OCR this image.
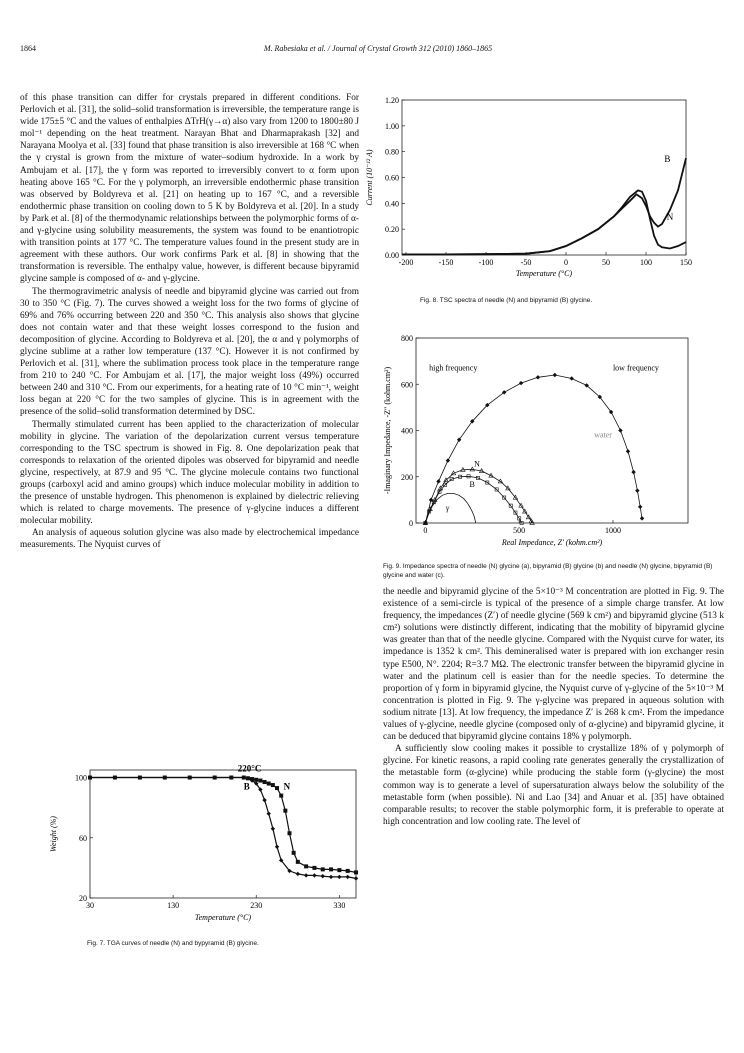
1864	M. Rabesiaka et al. / Journal of Crystal Growth 312 (2010) 1860–1865

of this phase transition can differ for crystals prepared in different conditions. For Perlovich et al. [31], the solid–solid transformation is irreversible, the temperature range is wide 175±5 °C and the values of enthalpies ΔTrH(γ→α) also vary from 1200 to 1800±80 J mol⁻¹ depending on the heat treatment. Narayan Bhat and Dharmaprakash [32] and Narayana Moolya et al. [33] found that phase transition is also irreversible at 168 °C when the γ crystal is grown from the mixture of water–sodium hydroxide. In a work by Ambujam et al. [17], the γ form was reported to irreversibly convert to α form upon heating above 165 °C. For the γ polymorph, an irreversible endothermic phase transition was observed by Boldyreva et al. [21] on heating up to 167 °C, and a reversible endothermic phase transition on cooling down to 5 K by Boldyreva et al. [20]. In a study by Park et al. [8] of the thermodynamic relationships between the polymorphic forms of α- and γ-glycine using solubility measurements, the system was found to be enantiotropic with transition points at 177 °C. The temperature values found in the present study are in agreement with these authors. Our work confirms Park et al. [8] in showing that the transformation is reversible. The enthalpy value, however, is different because bipyramid glycine sample is composed of α- and γ-glycine.

The thermogravimetric analysis of needle and bipyramid glycine was carried out from 30 to 350 °C (Fig. 7). The curves showed a weight loss for the two forms of glycine of 69% and 76% occurring between 220 and 350 °C. This analysis also shows that glycine does not contain water and that these weight losses correspond to the fusion and decomposition of glycine. According to Boldyreva et al. [20], the α and γ polymorphs of glycine sublime at a rather low temperature (137 °C). However it is not confirmed by Perlovich et al. [31], where the sublimation process took place in the temperature range from 210 to 240 °C. For Ambujam et al. [17], the major weight loss (49%) occurred between 240 and 310 °C. From our experiments, for a heating rate of 10 °C min⁻¹, weight loss began at 220 °C for the two samples of glycine. This is in agreement with the presence of the solid–solid transformation determined by DSC.

Thermally stimulated current has been applied to the characterization of molecular mobility in glycine. The variation of the depolarization current versus temperature corresponding to the TSC spectrum is showed in Fig. 8. One depolarization peak that corresponds to relaxation of the oriented dipoles was observed for bipyramid and needle glycine, respectively, at 87.9 and 95 °C. The glycine molecule contains two functional groups (carboxyl acid and amino groups) which induce molecular mobility in addition to the presence of unstable hydrogen. This phenomenon is explained by dielectric relieving which is related to charge movements. The presence of γ-glycine induces a different molecular mobility.

An analysis of aqueous solution glycine was also made by electrochemical impedance measurements. The Nyquist curves of

the needle and bipyramid glycine of the 5×10⁻³ M concentration are plotted in Fig. 9. The existence of a semi-circle is typical of the presence of a simple charge transfer. At low frequency, the impedances (Z′) of needle glycine (569 k cm²) and bipyramid glycine (513 k cm²) solutions were distinctly different, indicating that the mobility of bipyramid glycine was greater than that of the needle glycine. Compared with the Nyquist curve for water, its impedance is 1352 k cm². This demineralised water is prepared with ion exchanger resin type E500, N°. 2204; R=3.7 MΩ. The electronic transfer between the bipyramid glycine in water and the platinum cell is easier than for the needle species. To determine the proportion of γ form in bipyramid glycine, the Nyquist curve of γ-glycine of the 5×10⁻³ M concentration is plotted in Fig. 9. The γ-glycine was prepared in aqueous solution with sodium nitrate [13]. At low frequency, the impedance Z′ is 268 k cm². From the impedance values of γ-glycine, needle glycine (composed only of α-glycine) and bipyramid glycine, it can be deduced that bipyramid glycine contains 18% γ polymorph.

A sufficiently slow cooling makes it possible to crystallize 18% of γ polymorph of glycine. For kinetic reasons, a rapid cooling rate generates generally the crystallization of the metastable form (α-glycine) while producing the stable form (γ-glycine) the most common way is to generate a level of supersaturation always below the solubility of the metastable form (when possible). Ni and Lao [34] and Anuar et al. [35] have obtained comparable results; to recover the stable polymorphic form, it is preferable to operate at high concentration and low cooling rate. The level of

30	130	230	330
20
60
100
Temperature (°C)
Weight (%)
220°C
B	N
-200	-150	-100	-50	0	50	100	150
0.00
0.20
0.40
0.60
0.80
1.00
1.20
Temperature (°C)
Current (10⁻¹² A)	B
N
0	500	1000
0
200
400
600
800
Real Impedance, Z′ (kohm.cm²)
-Imaginary Impedance, -Z″ (kohm.cm²)	high frequency	low frequency
water
N
B
γ
Fig. 7. TGA curves of needle (N) and bypyramid (B) glycine.
Fig. 8. TSC spectra of needle (N) and bipyramid (B) glycine.
Fig. 9. Impedance spectra of needle (N) glycine (a), bipyramid (B) glycine (b) and needle (N) glycine, bipyramid (B) glycine and water (c).
